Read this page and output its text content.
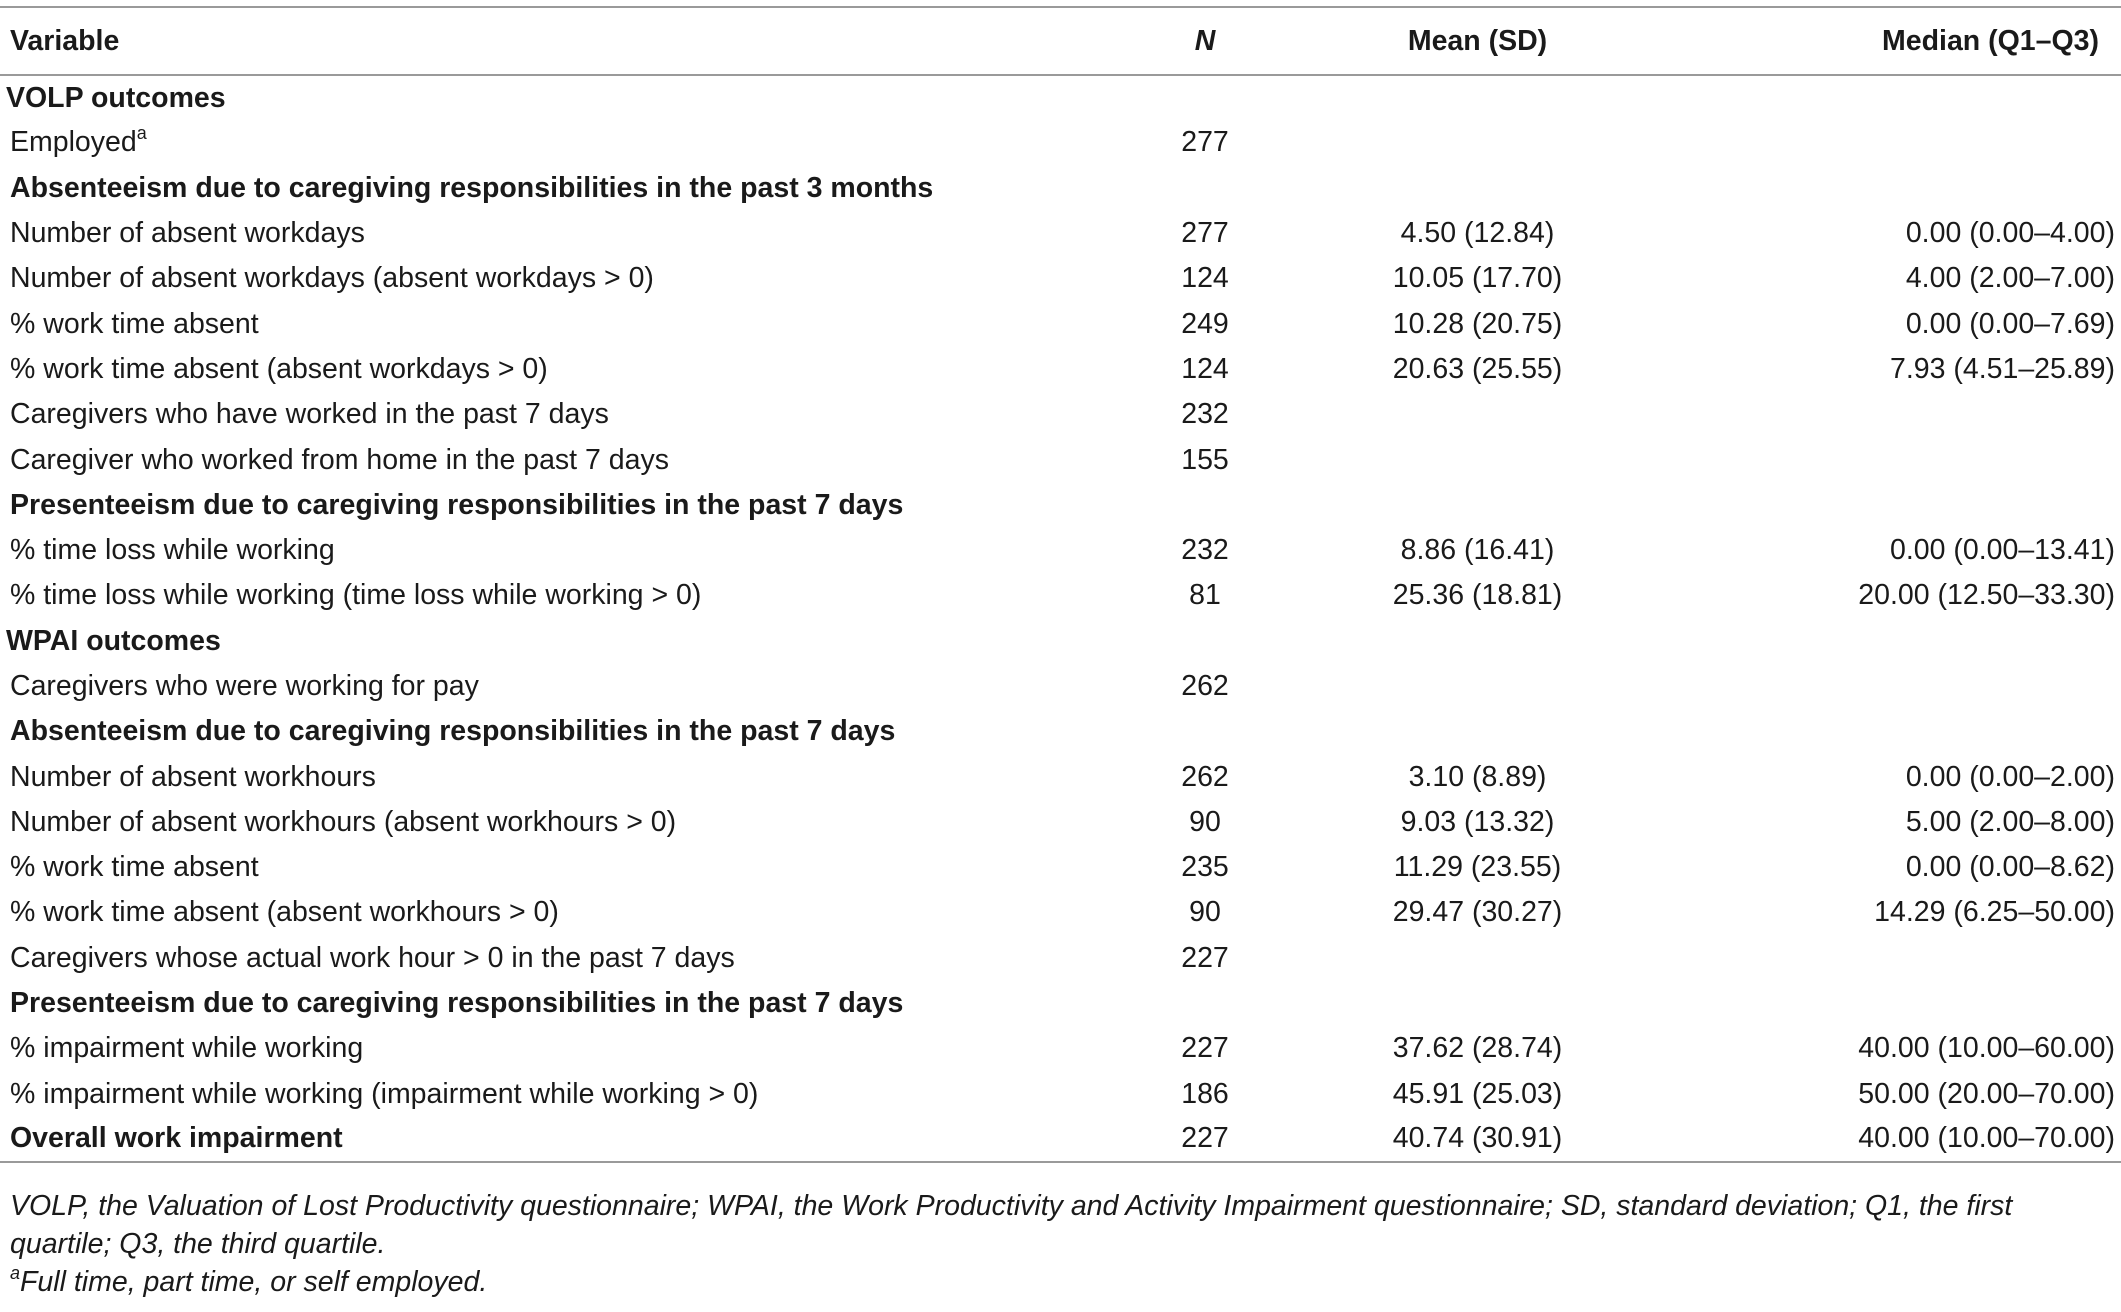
Variable	N	Mean (SD)	Median (Q1–Q3)
VOLP outcomes			
Employed$^a$	277		
Absenteeism due to caregiving responsibilities in the past 3 months			
Number of absent workdays	277	4.50 (12.84)	0.00 (0.00–4.00)
Number of absent workdays (absent workdays > 0)	124	10.05 (17.70)	4.00 (2.00–7.00)
% work time absent	249	10.28 (20.75)	0.00 (0.00–7.69)
% work time absent (absent workdays > 0)	124	20.63 (25.55)	7.93 (4.51–25.89)
Caregivers who have worked in the past 7 days	232		
Caregiver who worked from home in the past 7 days	155		
Presenteeism due to caregiving responsibilities in the past 7 days			
% time loss while working	232	8.86 (16.41)	0.00 (0.00–13.41)
% time loss while working (time loss while working > 0)	81	25.36 (18.81)	20.00 (12.50–33.30)
WPAI outcomes			
Caregivers who were working for pay	262		
Absenteeism due to caregiving responsibilities in the past 7 days			
Number of absent workhours	262	3.10 (8.89)	0.00 (0.00–2.00)
Number of absent workhours (absent workhours > 0)	90	9.03 (13.32)	5.00 (2.00–8.00)
% work time absent	235	11.29 (23.55)	0.00 (0.00–8.62)
% work time absent (absent workhours > 0)	90	29.47 (30.27)	14.29 (6.25–50.00)
Caregivers whose actual work hour > 0 in the past 7 days	227		
Presenteeism due to caregiving responsibilities in the past 7 days			
% impairment while working	227	37.62 (28.74)	40.00 (10.00–60.00)
% impairment while working (impairment while working > 0)	186	45.91 (25.03)	50.00 (20.00–70.00)
Overall work impairment	227	40.74 (30.91)	40.00 (10.00–70.00)

VOLP, the Valuation of Lost Productivity questionnaire; WPAI, the Work Productivity and Activity Impairment questionnaire; SD, standard deviation; Q1, the first quartile; Q3, the third quartile.

$^a$Full time, part time, or self employed.
